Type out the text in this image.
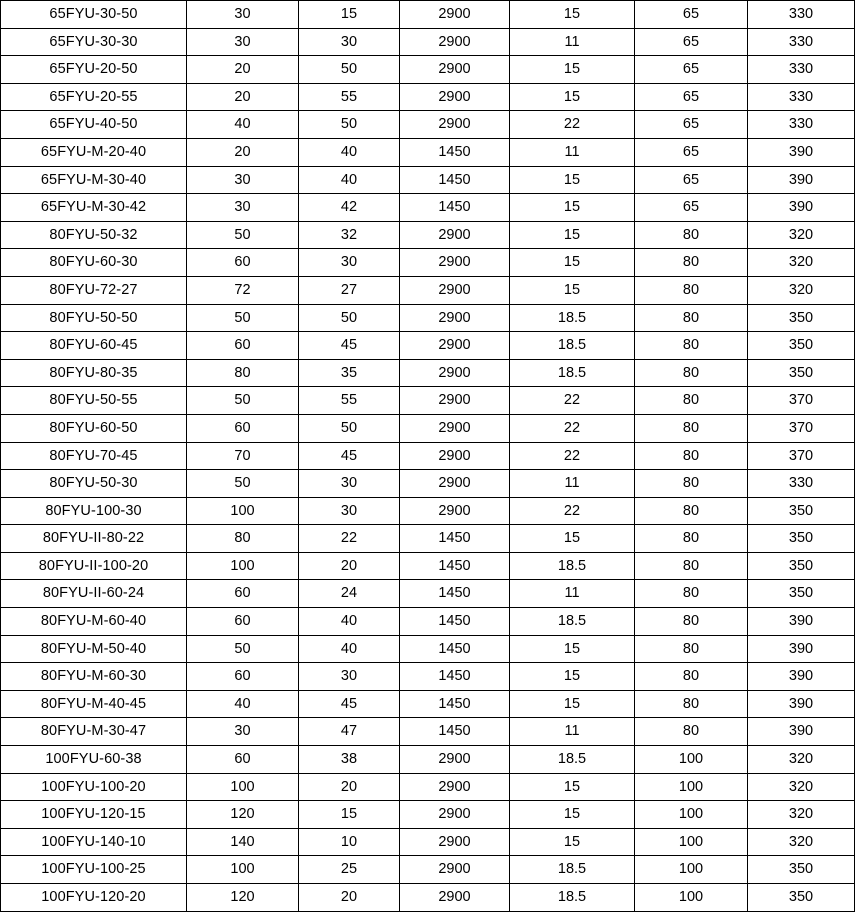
65FYU-30-50	30	15	2900	15	65	330
65FYU-30-30	30	30	2900	11	65	330
65FYU-20-50	20	50	2900	15	65	330
65FYU-20-55	20	55	2900	15	65	330
65FYU-40-50	40	50	2900	22	65	330
65FYU-M-20-40	20	40	1450	11	65	390
65FYU-M-30-40	30	40	1450	15	65	390
65FYU-M-30-42	30	42	1450	15	65	390
80FYU-50-32	50	32	2900	15	80	320
80FYU-60-30	60	30	2900	15	80	320
80FYU-72-27	72	27	2900	15	80	320
80FYU-50-50	50	50	2900	18.5	80	350
80FYU-60-45	60	45	2900	18.5	80	350
80FYU-80-35	80	35	2900	18.5	80	350
80FYU-50-55	50	55	2900	22	80	370
80FYU-60-50	60	50	2900	22	80	370
80FYU-70-45	70	45	2900	22	80	370
80FYU-50-30	50	30	2900	11	80	330
80FYU-100-30	100	30	2900	22	80	350
80FYU-II-80-22	80	22	1450	15	80	350
80FYU-II-100-20	100	20	1450	18.5	80	350
80FYU-II-60-24	60	24	1450	11	80	350
80FYU-M-60-40	60	40	1450	18.5	80	390
80FYU-M-50-40	50	40	1450	15	80	390
80FYU-M-60-30	60	30	1450	15	80	390
80FYU-M-40-45	40	45	1450	15	80	390
80FYU-M-30-47	30	47	1450	11	80	390
100FYU-60-38	60	38	2900	18.5	100	320
100FYU-100-20	100	20	2900	15	100	320
100FYU-120-15	120	15	2900	15	100	320
100FYU-140-10	140	10	2900	15	100	320
100FYU-100-25	100	25	2900	18.5	100	350
100FYU-120-20	120	20	2900	18.5	100	350
